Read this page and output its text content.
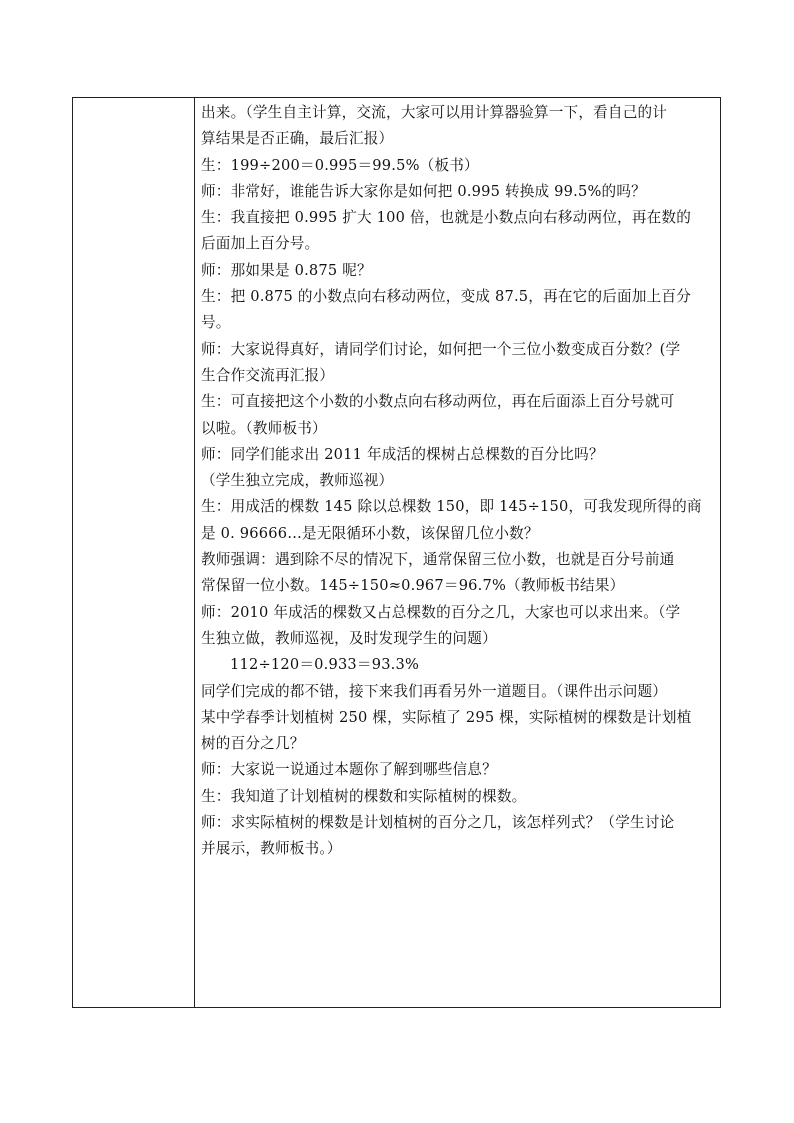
出来。（学生自主计算，交流，大家可以用计算器验算一下，看自己的计

算结果是否正确，最后汇报）

生：199÷200＝0.995＝99.5%（板书）

师：非常好，谁能告诉大家你是如何把 0.995 转换成 99.5%的吗？

生：我直接把 0.995 扩大 100 倍，也就是小数点向右移动两位，再在数的

后面加上百分号。

师：那如果是 0.875 呢？

生：把 0.875 的小数点向右移动两位，变成 87.5，再在它的后面加上百分

号。

师：大家说得真好，请同学们讨论，如何把一个三位小数变成百分数？(学

生合作交流再汇报）

生：可直接把这个小数的小数点向右移动两位，再在后面添上百分号就可

以啦。（教师板书）

师：同学们能求出 2011 年成活的棵树占总棵数的百分比吗？

（学生独立完成，教师巡视）

生：用成活的棵数 145 除以总棵数 150，即 145÷150，可我发现所得的商

是 0. 96666…是无限循环小数，该保留几位小数？

教师强调：遇到除不尽的情况下，通常保留三位小数，也就是百分号前通

常保留一位小数。145÷150≈0.967＝96.7%（教师板书结果）

师：2010 年成活的棵数又占总棵数的百分之几，大家也可以求出来。（学

生独立做，教师巡视，及时发现学生的问题）

112÷120＝0.933＝93.3%

同学们完成的都不错，接下来我们再看另外一道题目。（课件出示问题）

某中学春季计划植树 250 棵，实际植了 295 棵，实际植树的棵数是计划植

树的百分之几？

师：大家说一说通过本题你了解到哪些信息？

生：我知道了计划植树的棵数和实际植树的棵数。

师：求实际植树的棵数是计划植树的百分之几，该怎样列式？（学生讨论

并展示，教师板书。）
